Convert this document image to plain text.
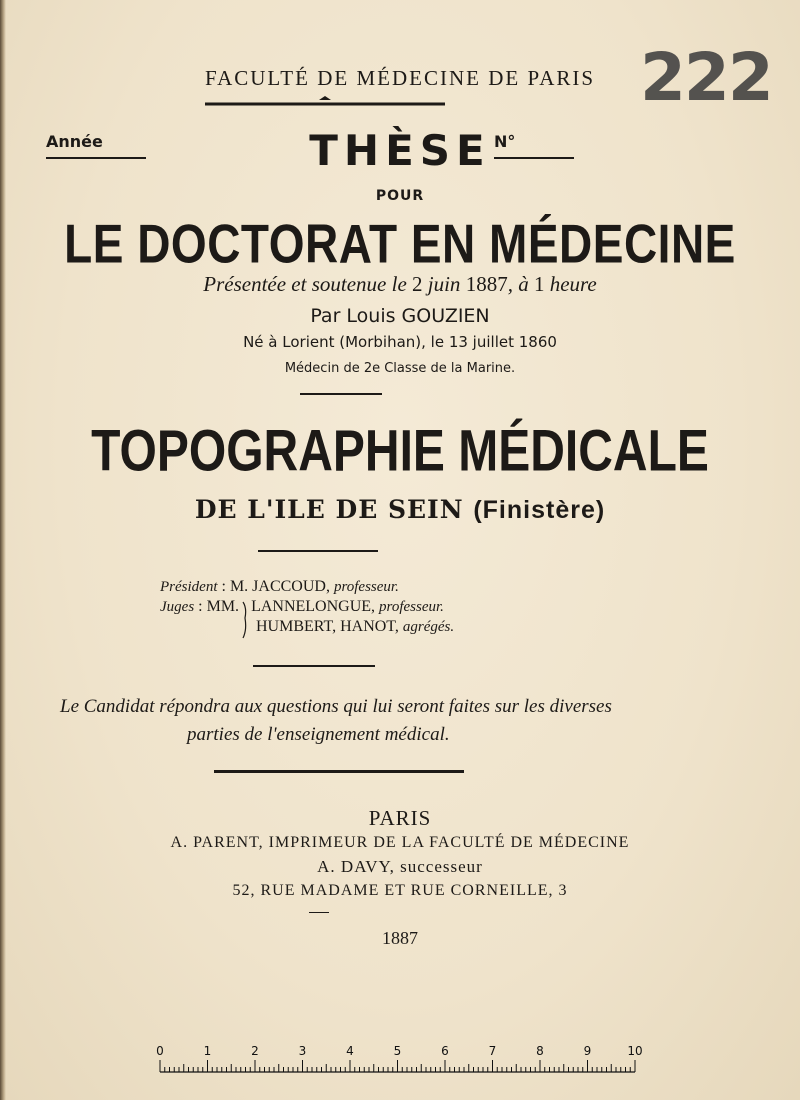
222
FACULTÉ DE MÉDECINE DE PARIS
Année	THÈSE N°
POUR
LE DOCTORAT EN MÉDECINE
Présentée et soutenue le 2 juin 1887, à 1 heure
Par Louis GOUZIEN
Né à Lorient (Morbihan), le 13 juillet 1860
Médecin de 2e Classe de la Marine.
TOPOGRAPHIE MÉDICALE
DE L'ILE DE SEIN (Finistère)
Président : M. JACCOUD, professeur.
Juges : MM. LANNELONGUE, professeur.
HUMBERT, HANOT, agrégés.
Le Candidat répondra aux questions qui lui seront faites sur les diverses
parties de l'enseignement médical.
PARIS
A. PARENT, IMPRIMEUR DE LA FACULTÉ DE MÉDECINE
A. DAVY, successeur
52, RUE MADAME ET RUE CORNEILLE, 3
1887
0	1	2	3	4	5	6	7	8	9	10
